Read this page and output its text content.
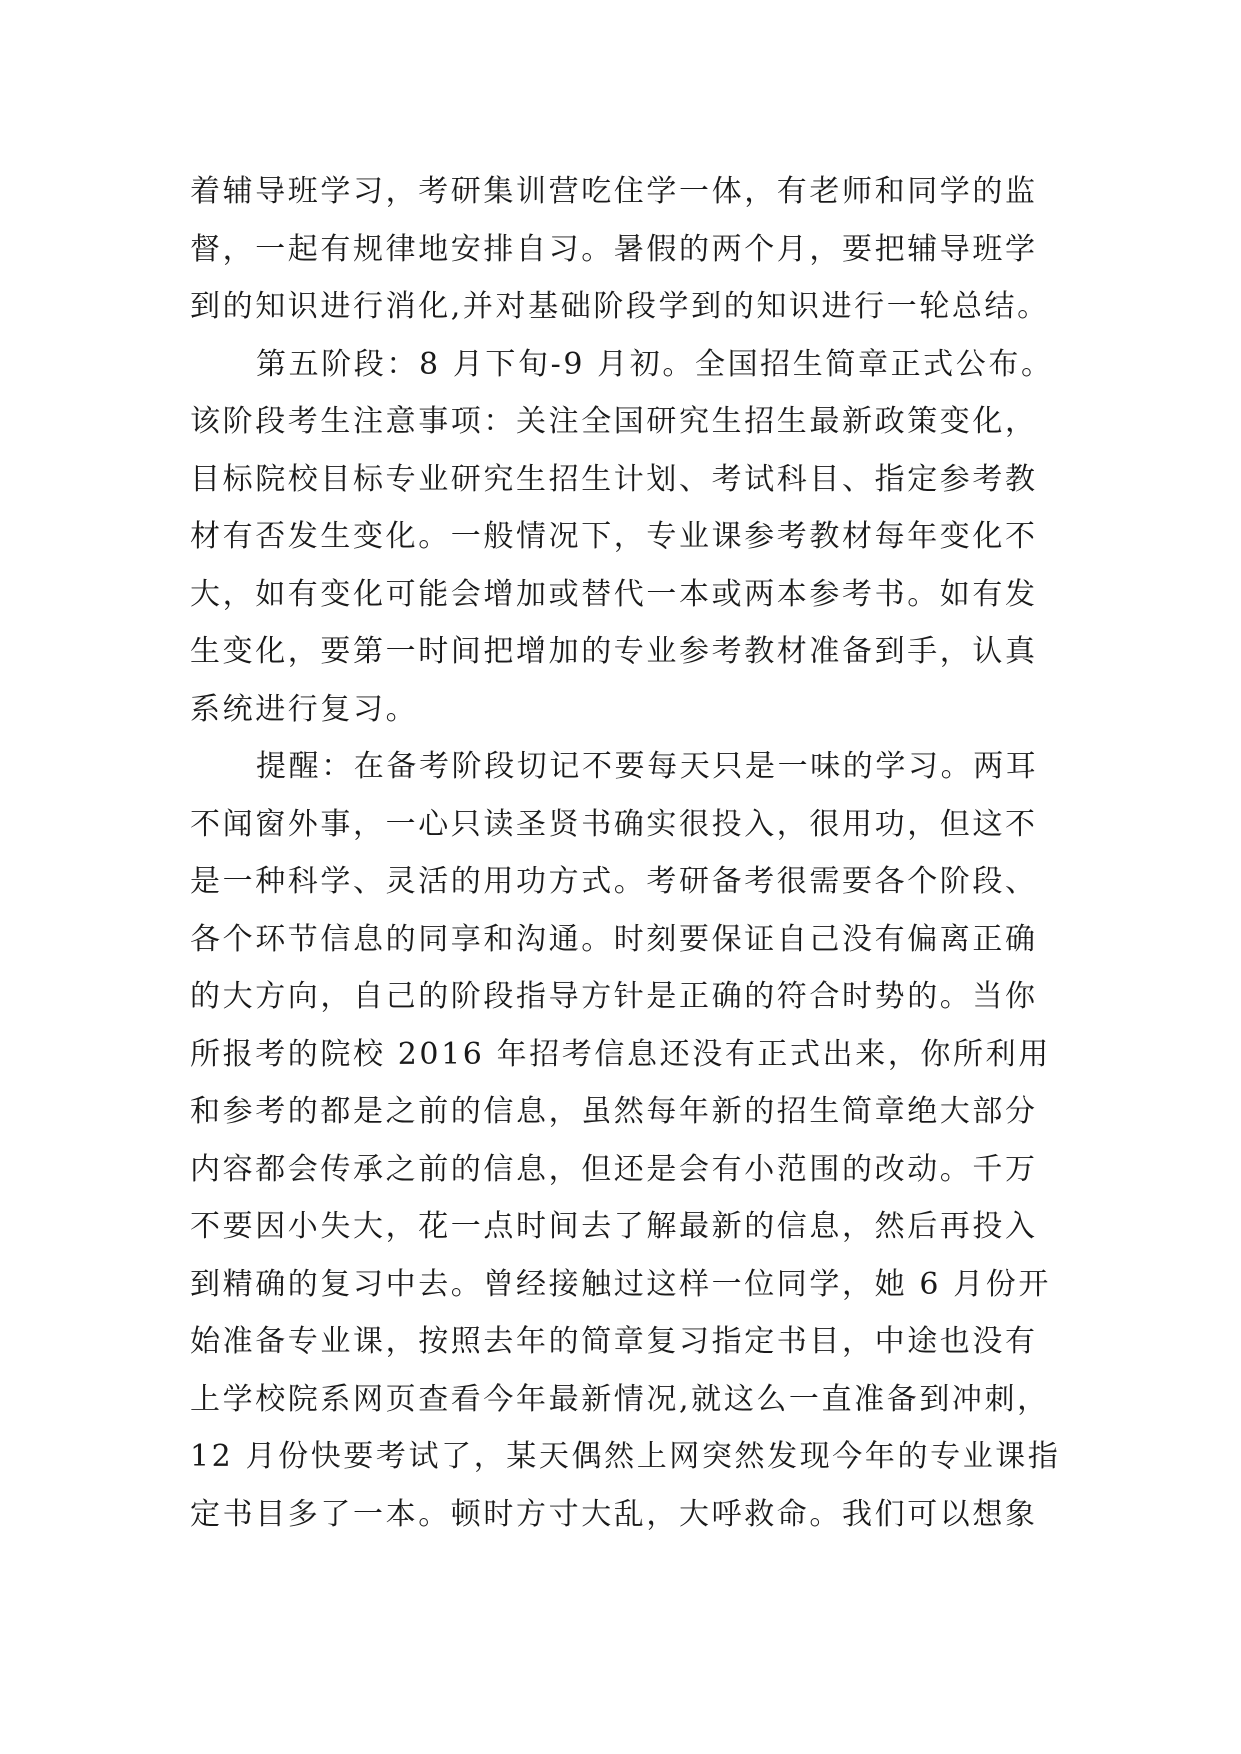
着辅导班学习，考研集训营吃住学一体，有老师和同学的监
督，一起有规律地安排自习。暑假的两个月，要把辅导班学
到的知识进行消化,并对基础阶段学到的知识进行一轮总结。
第五阶段：8 月下旬-9 月初。全国招生简章正式公布。
该阶段考生注意事项：关注全国研究生招生最新政策变化，
目标院校目标专业研究生招生计划、考试科目、指定参考教
材有否发生变化。一般情况下，专业课参考教材每年变化不
大，如有变化可能会增加或替代一本或两本参考书。如有发
生变化，要第一时间把增加的专业参考教材准备到手，认真
系统进行复习。
提醒：在备考阶段切记不要每天只是一味的学习。两耳
不闻窗外事，一心只读圣贤书确实很投入，很用功，但这不
是一种科学、灵活的用功方式。考研备考很需要各个阶段、
各个环节信息的同享和沟通。时刻要保证自己没有偏离正确
的大方向，自己的阶段指导方针是正确的符合时势的。当你
所报考的院校 2016 年招考信息还没有正式出来，你所利用
和参考的都是之前的信息，虽然每年新的招生简章绝大部分
内容都会传承之前的信息，但还是会有小范围的改动。千万
不要因小失大，花一点时间去了解最新的信息，然后再投入
到精确的复习中去。曾经接触过这样一位同学，她 6 月份开
始准备专业课，按照去年的简章复习指定书目，中途也没有
上学校院系网页查看今年最新情况,就这么一直准备到冲刺，
12 月份快要考试了，某天偶然上网突然发现今年的专业课指
定书目多了一本。顿时方寸大乱，大呼救命。我们可以想象
